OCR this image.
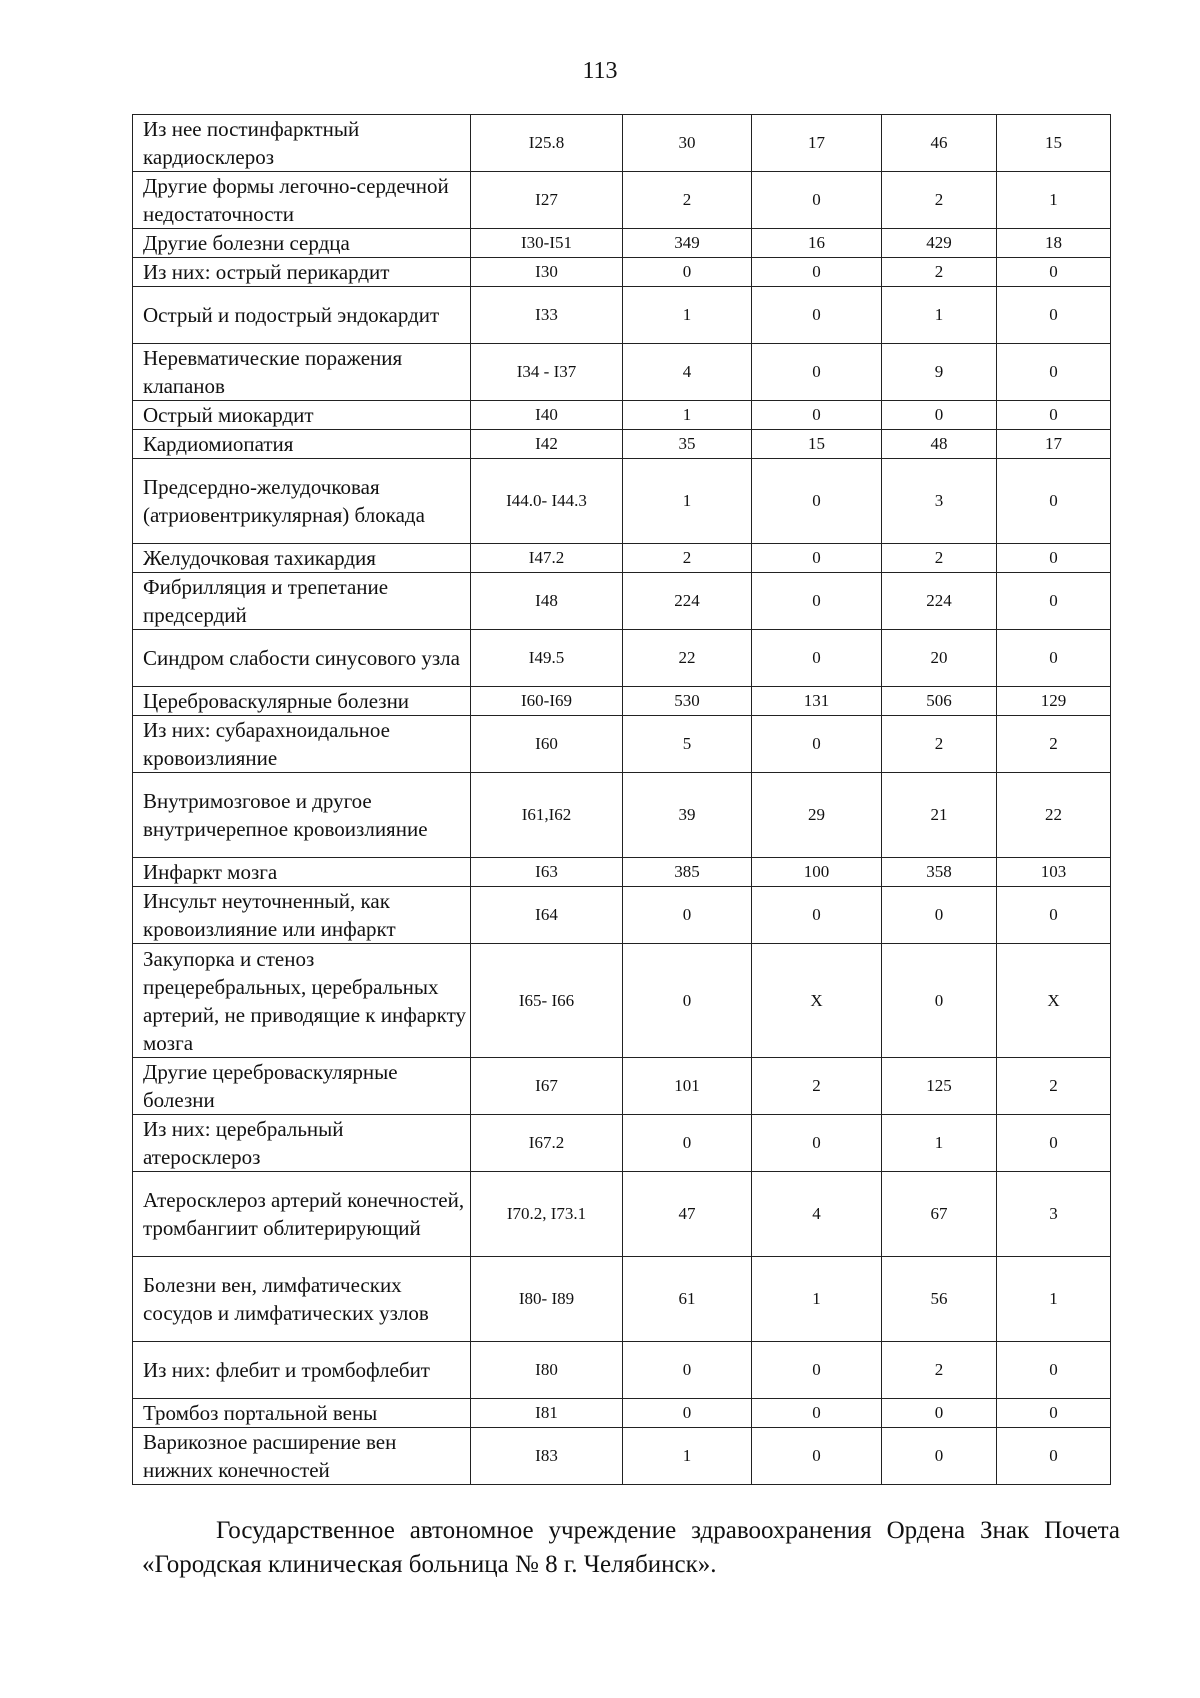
113
Из нее постинфарктный кардиосклероз	I25.8	30	17	46	15
Другие формы легочно-сердечной недостаточности	I27	2	0	2	1
Другие болезни сердца	I30-I51	349	16	429	18
Из них: острый перикардит	I30	0	0	2	0
Острый и подострый эндокардит	I33	1	0	1	0
Неревматические поражения клапанов	I34 - I37	4	0	9	0
Острый миокардит	I40	1	0	0	0
Кардиомиопатия	I42	35	15	48	17
Предсердно-желудочковая (атриовентрикулярная) блокада	I44.0- I44.3	1	0	3	0
Желудочковая тахикардия	I47.2	2	0	2	0
Фибрилляция и трепетание предсердий	I48	224	0	224	0
Синдром слабости синусового узла	I49.5	22	0	20	0
Цереброваскулярные болезни	I60-I69	530	131	506	129
Из них: субарахноидальное кровоизлияние	I60	5	0	2	2
Внутримозговое и другое внутричерепное кровоизлияние	I61,I62	39	29	21	22
Инфаркт мозга	I63	385	100	358	103
Инсульт неуточненный, как кровоизлияние или инфаркт	I64	0	0	0	0
Закупорка и стеноз прецеребральных, церебральных артерий, не приводящие к инфаркту мозга	I65- I66	0	X	0	X
Другие цереброваскулярные болезни	I67	101	2	125	2
Из них: церебральный атеросклероз	I67.2	0	0	1	0
Атеросклероз артерий конечностей, тромбангиит облитерирующий	I70.2, I73.1	47	4	67	3
Болезни вен, лимфатических сосудов и лимфатических узлов	I80- I89	61	1	56	1
Из них: флебит и тромбофлебит	I80	0	0	2	0
Тромбоз портальной вены	I81	0	0	0	0
Варикозное расширение вен нижних конечностей	I83	1	0	0	0
Государственное автономное учреждение здравоохранения Ордена Знак Почета «Городская клиническая больница № 8 г. Челябинск».
